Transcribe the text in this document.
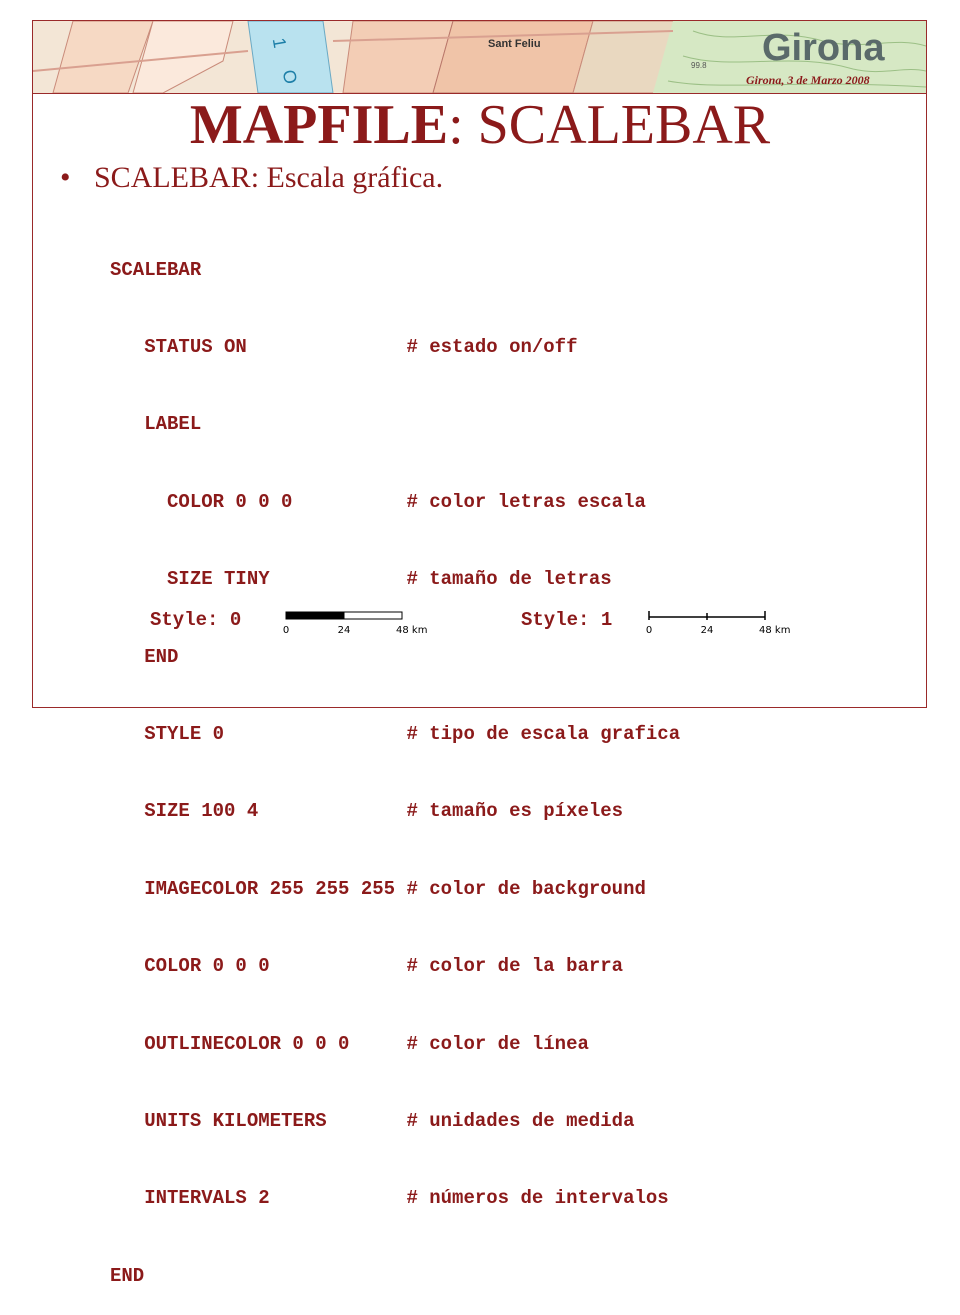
Sant Feliu
99.8
1
O
Girona
Girona, 3 de Marzo 2008
MAPFILE: SCALEBAR
• SCALEBAR: Escala gráfica.

SCALEBAR

STATUS ON              # estado on/off

LABEL

COLOR 0 0 0          # color letras escala

SIZE TINY            # tamaño de letras

END

STYLE 0                # tipo de escala grafica

SIZE 100 4             # tamaño es píxeles

IMAGECOLOR 255 255 255 # color de background

COLOR 0 0 0            # color de la barra

OUTLINECOLOR 0 0 0     # color de línea

UNITS KILOMETERS       # unidades de medida

INTERVALS 2            # números de intervalos

END

Style: 0	0	24	48 km	Style: 1	0	24	48 km
